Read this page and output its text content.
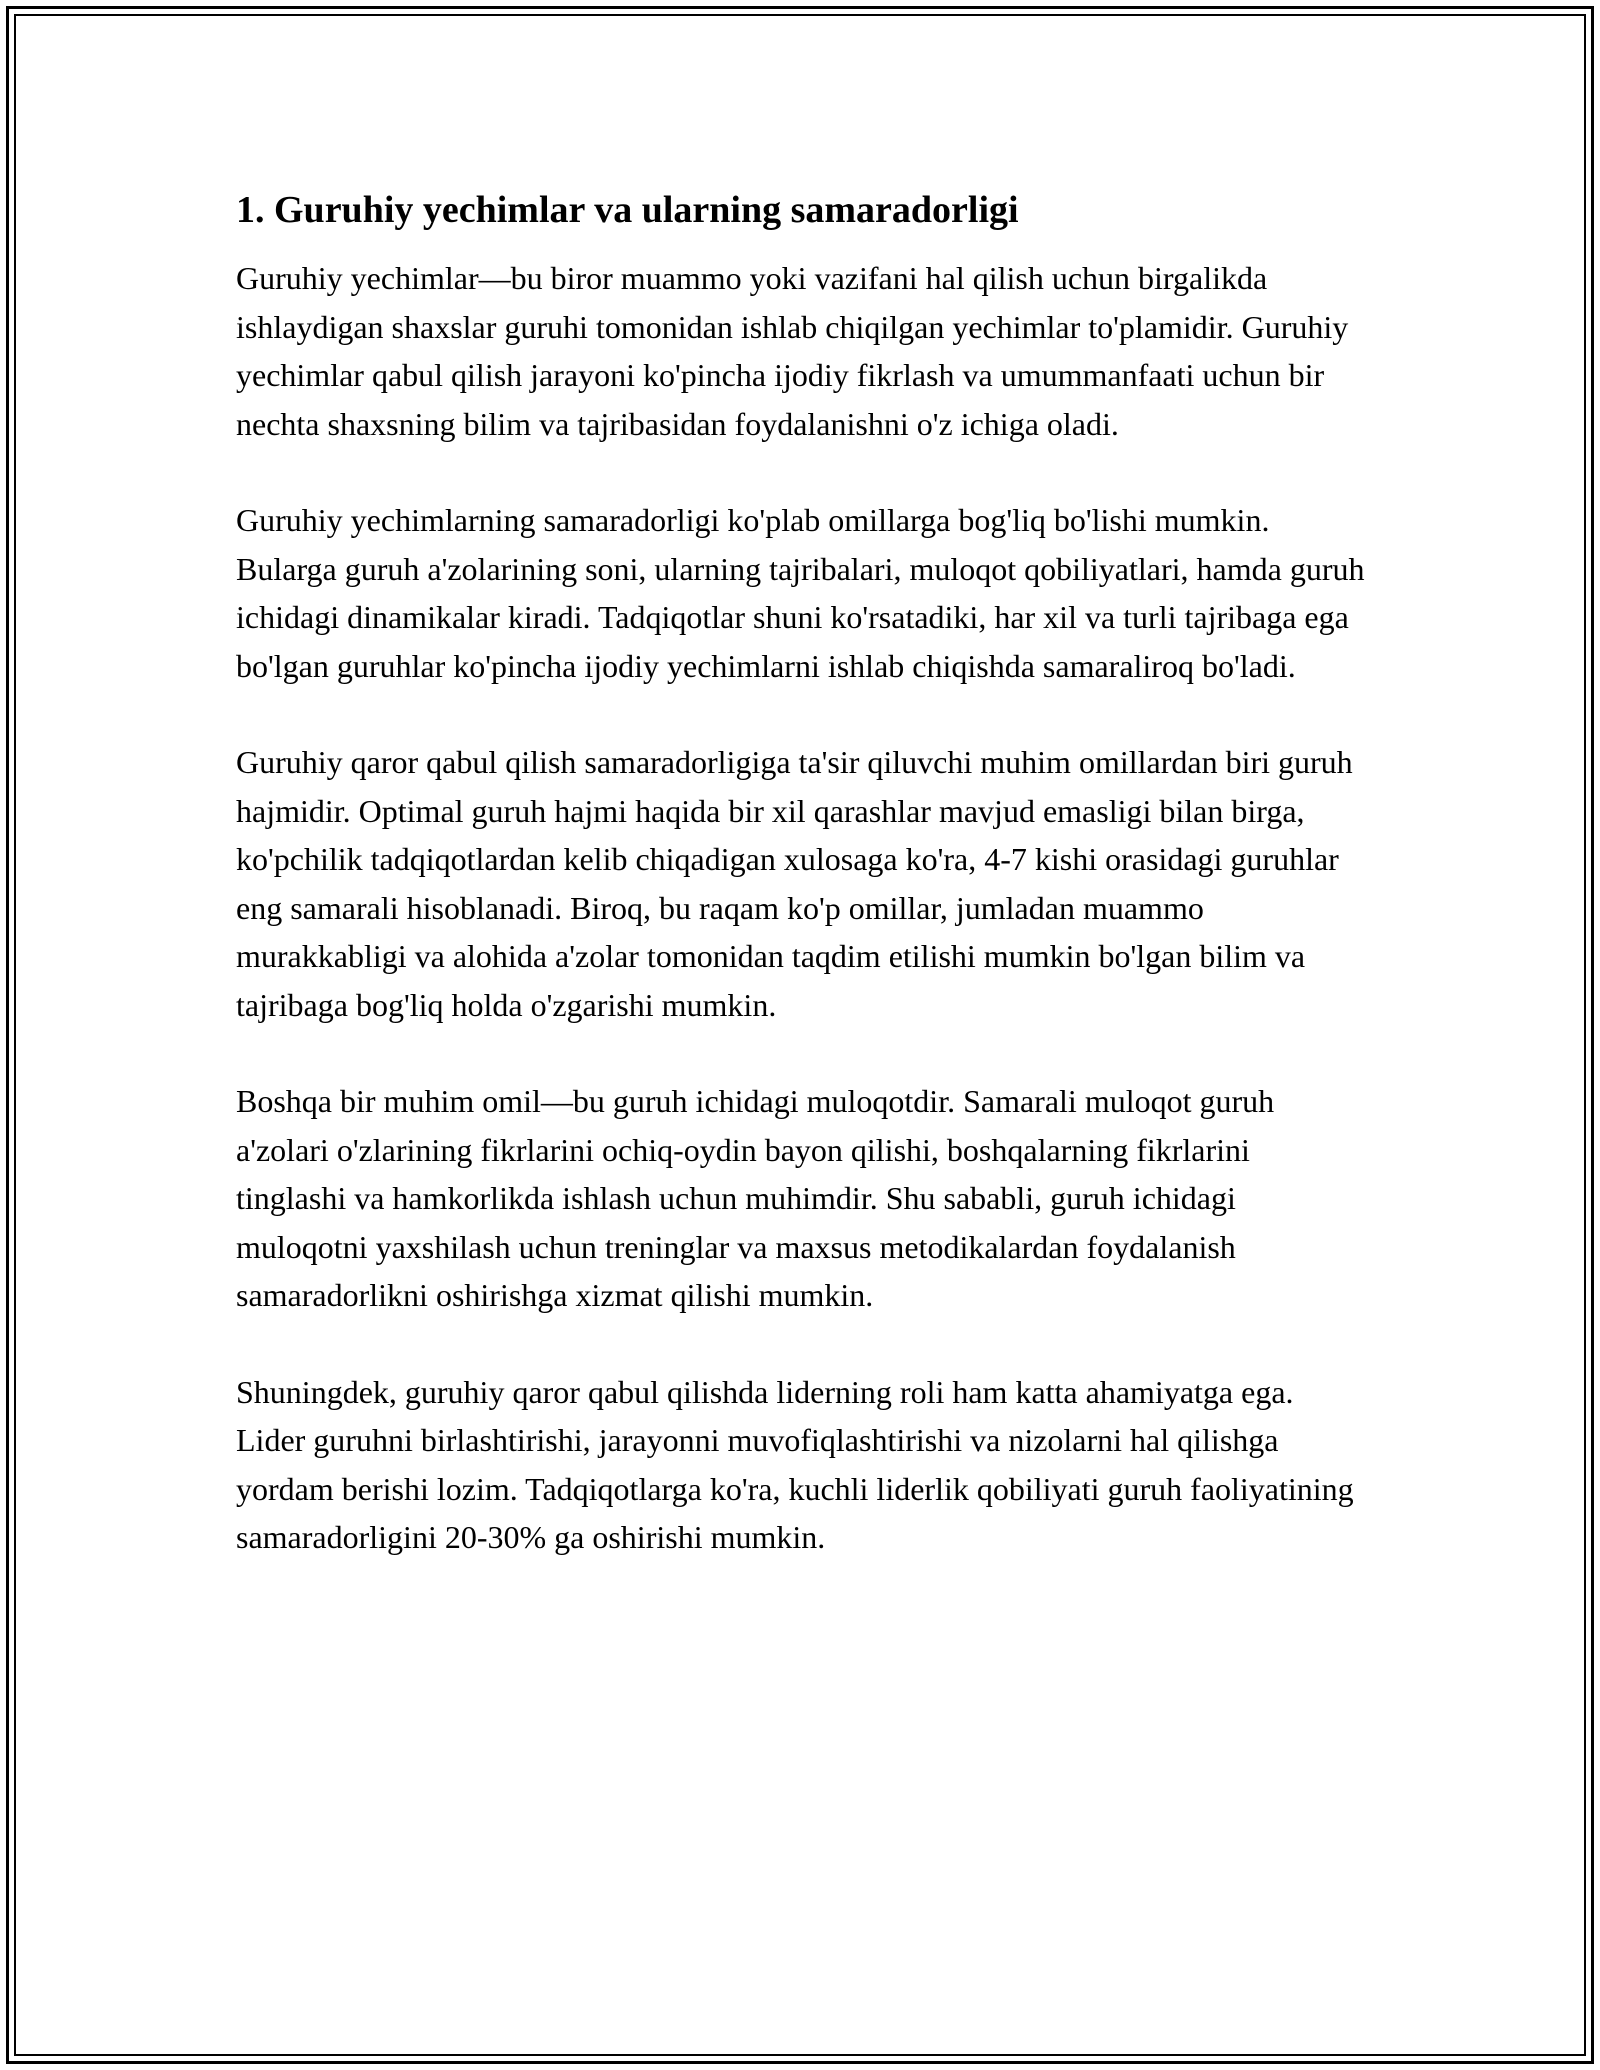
1. Guruhiy yechimlar va ularning samaradorligi

Guruhiy yechimlar—bu biror muammo yoki vazifani hal qilish uchun birgalikda ishlaydigan shaxslar guruhi tomonidan ishlab chiqilgan yechimlar to'plamidir. Guruhiy yechimlar qabul qilish jarayoni ko'pincha ijodiy fikrlash va umummanfaati uchun bir nechta shaxsning bilim va tajribasidan foydalanishni o'z ichiga oladi.

Guruhiy yechimlarning samaradorligi ko'plab omillarga bog'liq bo'lishi mumkin. Bularga guruh a'zolarining soni, ularning tajribalari, muloqot qobiliyatlari, hamda guruh ichidagi dinamikalar kiradi. Tadqiqotlar shuni ko'rsatadiki, har xil va turli tajribaga ega bo'lgan guruhlar ko'pincha ijodiy yechimlarni ishlab chiqishda samaraliroq bo'ladi.

Guruhiy qaror qabul qilish samaradorligiga ta'sir qiluvchi muhim omillardan biri guruh hajmidir. Optimal guruh hajmi haqida bir xil qarashlar mavjud emasligi bilan birga, ko'pchilik tadqiqotlardan kelib chiqadigan xulosaga ko'ra, 4-7 kishi orasidagi guruhlar eng samarali hisoblanadi. Biroq, bu raqam ko'p omillar, jumladan muammo murakkabligi va alohida a'zolar tomonidan taqdim etilishi mumkin bo'lgan bilim va tajribaga bog'liq holda o'zgarishi mumkin.

Boshqa bir muhim omil—bu guruh ichidagi muloqotdir. Samarali muloqot guruh a'zolari o'zlarining fikrlarini ochiq-oydin bayon qilishi, boshqalarning fikrlarini tinglashi va hamkorlikda ishlash uchun muhimdir. Shu sababli, guruh ichidagi muloqotni yaxshilash uchun treninglar va maxsus metodikalardan foydalanish samaradorlikni oshirishga xizmat qilishi mumkin.

Shuningdek, guruhiy qaror qabul qilishda liderning roli ham katta ahamiyatga ega. Lider guruhni birlashtirishi, jarayonni muvofiqlashtirishi va nizolarni hal qilishga yordam berishi lozim. Tadqiqotlarga ko'ra, kuchli liderlik qobiliyati guruh faoliyatining samaradorligini 20-30% ga oshirishi mumkin.
